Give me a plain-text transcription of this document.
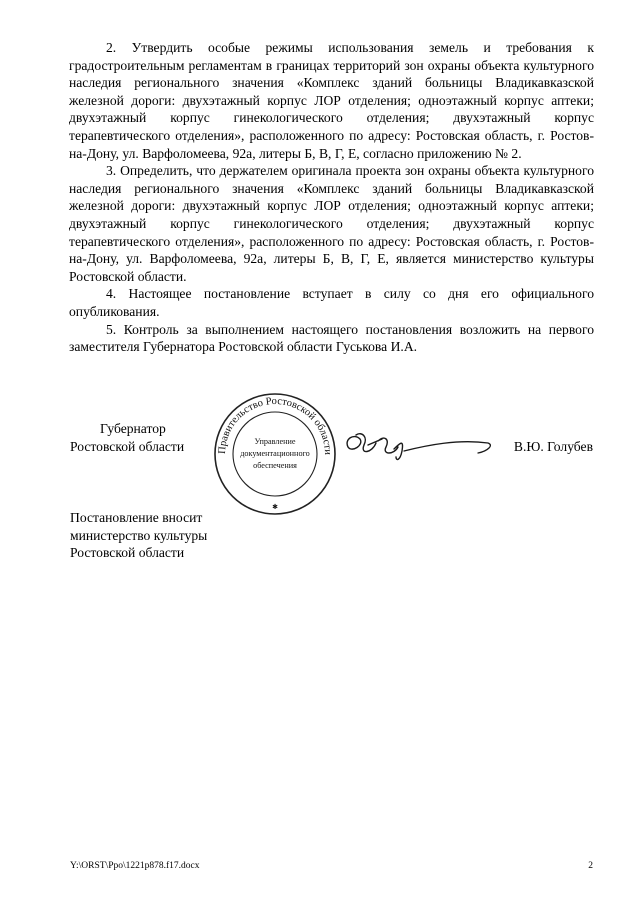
2. Утвердить особые режимы использования земель и требования к градостроительным регламентам в границах территорий зон охраны объекта культурного наследия регионального значения «Комплекс зданий больницы Владикавказской железной дороги: двухэтажный корпус ЛОР отделения; одноэтажный корпус аптеки; двухэтажный корпус гинекологического отделения; двухэтажный корпус терапевтического отделения», расположенного по адресу: Ростовская область, г. Ростов-на-Дону, ул. Варфоломеева, 92а, литеры Б, В, Г, Е, согласно приложению № 2.

3. Определить, что держателем оригинала проекта зон охраны объекта культурного наследия регионального значения «Комплекс зданий больницы Владикавказской железной дороги: двухэтажный корпус ЛОР отделения; одноэтажный корпус аптеки; двухэтажный корпус гинекологического отделения; двухэтажный корпус терапевтического отделения», расположенного по адресу: Ростовская область, г. Ростов-на-Дону, ул. Варфоломеева, 92а, литеры Б, В, Г, Е, является министерство культуры Ростовской области.

4. Настоящее постановление вступает в силу со дня его официального опубликования.

5. Контроль за выполнением настоящего постановления возложить на первого заместителя Губернатора Ростовской области Гуськова И.А.

Губернатор
Ростовской области	Правительство Ростовской области
Управление
документационного
обеспечения
✱
В.Ю. Голубев
Постановление вносит
министерство культуры
Ростовской области
Y:\ORST\Ppo\1221p878.f17.docx	2
